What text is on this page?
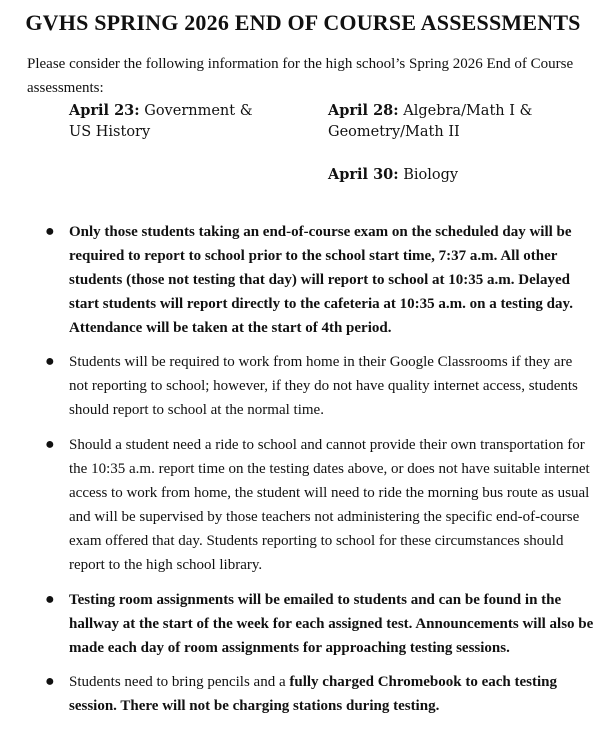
GVHS SPRING 2026 END OF COURSE ASSESSMENTS
Please consider the following information for the high school’s Spring 2026 End of Course assessments:
April 23: Government & US History
April 28: Algebra/Math I & Geometry/Math II
April 30: Biology
● Only those students taking an end-of-course exam on the scheduled day will be required to report to school prior to the school start time, 7:37 a.m. All other students (those not testing that day) will report to school at 10:35 a.m. Delayed start students will report directly to the cafeteria at 10:35 a.m. on a testing day. Attendance will be taken at the start of 4th period.
● Students will be required to work from home in their Google Classrooms if they are not reporting to school; however, if they do not have quality internet access, students should report to school at the normal time.
● Should a student need a ride to school and cannot provide their own transportation for the 10:35 a.m. report time on the testing dates above, or does not have suitable internet access to work from home, the student will need to ride the morning bus route as usual and will be supervised by those teachers not administering the specific end-of-course exam offered that day. Students reporting to school for these circumstances should report to the high school library.
● Testing room assignments will be emailed to students and can be found in the hallway at the start of the week for each assigned test. Announcements will also be made each day of room assignments for approaching testing sessions.
● Students need to bring pencils and a fully charged Chromebook to each testing session. There will not be charging stations during testing.
